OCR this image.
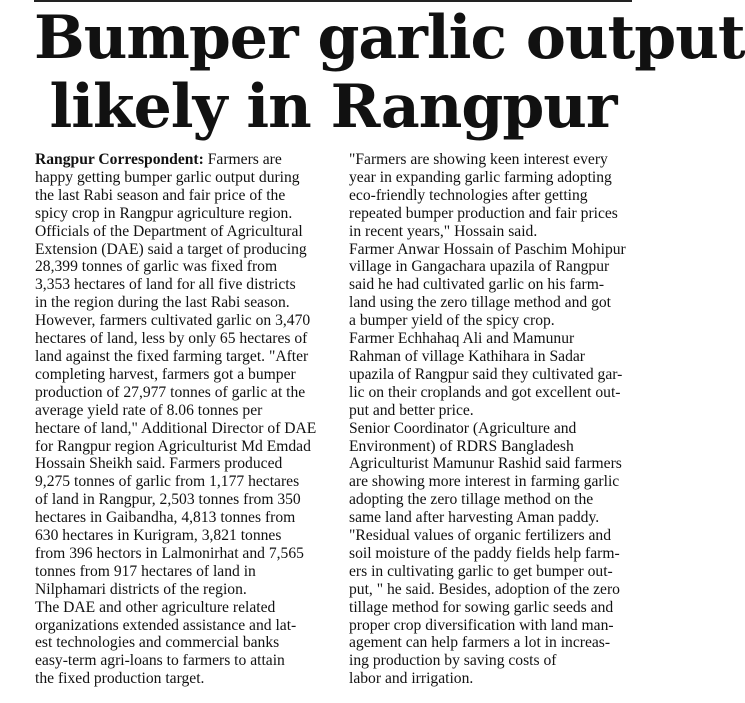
Bumper garlic output
likely in Rangpur
Rangpur Correspondent: Farmers are
happy getting bumper garlic output during
the last Rabi season and fair price of the
spicy crop in Rangpur agriculture region.
Officials of the Department of Agricultural
Extension (DAE) said a target of producing
28,399 tonnes of garlic was fixed from
3,353 hectares of land for all five districts
in the region during the last Rabi season.
However, farmers cultivated garlic on 3,470
hectares of land, less by only 65 hectares of
land against the fixed farming target. "After
completing harvest, farmers got a bumper
production of 27,977 tonnes of garlic at the
average yield rate of 8.06 tonnes per
hectare of land," Additional Director of DAE
for Rangpur region Agriculturist Md Emdad
Hossain Sheikh said. Farmers produced
9,275 tonnes of garlic from 1,177 hectares
of land in Rangpur, 2,503 tonnes from 350
hectares in Gaibandha, 4,813 tonnes from
630 hectares in Kurigram, 3,821 tonnes
from 396 hectors in Lalmonirhat and 7,565
tonnes from 917 hectares of land in
Nilphamari districts of the region.
The DAE and other agriculture related
organizations extended assistance and lat-
est technologies and commercial banks
easy-term agri-loans to farmers to attain
the fixed production target.
"Farmers are showing keen interest every
year in expanding garlic farming adopting
eco-friendly technologies after getting
repeated bumper production and fair prices
in recent years," Hossain said.
Farmer Anwar Hossain of Paschim Mohipur
village in Gangachara upazila of Rangpur
said he had cultivated garlic on his farm-
land using the zero tillage method and got
a bumper yield of the spicy crop.
Farmer Echhahaq Ali and Mamunur
Rahman of village Kathihara in Sadar
upazila of Rangpur said they cultivated gar-
lic on their croplands and got excellent out-
put and better price.
Senior Coordinator (Agriculture and
Environment) of RDRS Bangladesh
Agriculturist Mamunur Rashid said farmers
are showing more interest in farming garlic
adopting the zero tillage method on the
same land after harvesting Aman paddy.
"Residual values of organic fertilizers and
soil moisture of the paddy fields help farm-
ers in cultivating garlic to get bumper out-
put, " he said. Besides, adoption of the zero
tillage method for sowing garlic seeds and
proper crop diversification with land man-
agement can help farmers a lot in increas-
ing production by saving costs of
labor and irrigation.
